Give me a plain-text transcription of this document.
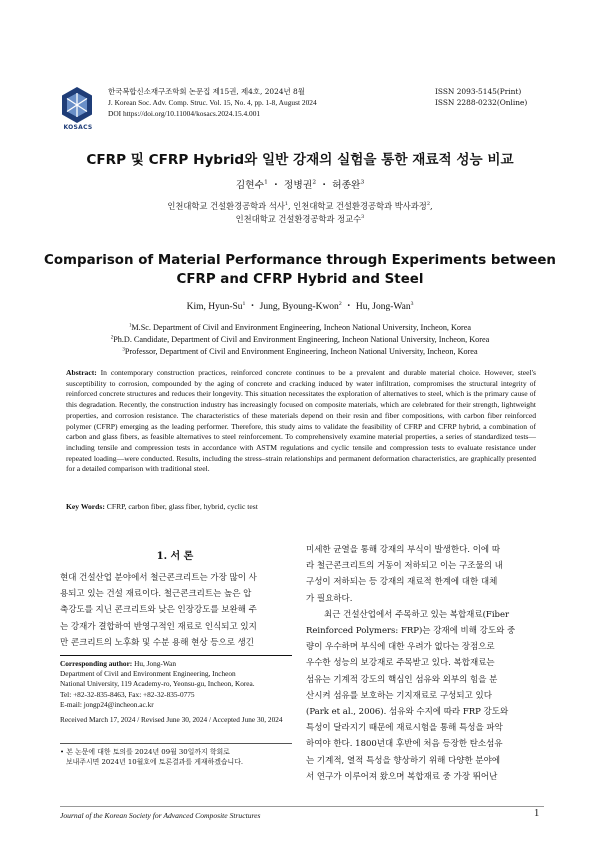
KOSACS
한국복합신소재구조학회 논문집 제15권, 제4호, 2024년 8월
J. Korean Soc. Adv. Comp. Struc. Vol. 15, No. 4, pp. 1-8, August 2024
DOI https://doi.org/10.11004/kosacs.2024.15.4.001
ISSN 2093-5145(Print)
ISSN 2288-0232(Online)
CFRP 및 CFRP Hybrid와 일반 강재의 실험을 통한 재료적 성능 비교
김현수$^1$ ・ 정병권$^2$ ・ 허종완$^3$
인천대학교 건설환경공학과 석사$^1$, 인천대학교 건설환경공학과 박사과정$^2$,
인천대학교 건설환경공학과 정교수$^3$
Comparison of Material Performance through Experiments between
CFRP and CFRP Hybrid and Steel
Kim, Hyun-Su$^1$ ・ Jung, Byoung-Kwon$^2$ ・ Hu, Jong-Wan$^3$
$^1$M.Sc. Department of Civil and Environment Engineering, Incheon National University, Incheon, Korea
$^2$Ph.D. Candidate, Department of Civil and Environment Engineering, Incheon National University, Incheon, Korea
$^3$Professor, Department of Civil and Environment Engineering, Incheon National University, Incheon, Korea
Abstract: In contemporary construction practices, reinforced concrete continues to be a prevalent and durable material choice. However, steel's susceptibility to corrosion, compounded by the aging of concrete and cracking induced by water infiltration, compromises the structural integrity of reinforced concrete structures and reduces their longevity. This situation necessitates the exploration of alternatives to steel, which is the primary cause of this degradation. Recently, the construction industry has increasingly focused on composite materials, which are celebrated for their strength, lightweight properties, and corrosion resistance. The characteristics of these materials depend on their resin and fiber compositions, with carbon fiber reinforced polymer (CFRP) emerging as the leading performer. Therefore, this study aims to validate the feasibility of CFRP and CFRP hybrid, a combination of carbon and glass fibers, as feasible alternatives to steel reinforcement. To comprehensively examine material properties, a series of standardized tests—including tensile and compression tests in accordance with ASTM regulations and cyclic tensile and compression tests to evaluate resistance under repeated loading—were conducted. Results, including the stress–strain relationships and permanent deformation characteristics, are graphically presented for a detailed comparison with traditional steel.
Key Words: CFRP, carbon fiber, glass fiber, hybrid, cyclic test
1. 서 론
현대 건설산업 분야에서 철근콘크리트는 가장 많이 사
용되고 있는 건설 재료이다. 철근콘크리트는 높은 압
축강도를 지닌 콘크리트와 낮은 인장강도를 보완해 주
는 강재가 결합하여 반영구적인 재료로 인식되고 있지
만 콘크리트의 노후화 및 수분 용해 현상 등으로 생긴
Corresponding author: Hu, Jong-Wan
Department of Civil and Environment Engineering, Incheon
National University, 119 Academy-ro, Yeonsu-gu, Incheon, Korea.
Tel: +82-32-835-8463, Fax: +82-32-835-0775
E-mail: jongp24@incheon.ac.kr
Received March 17, 2024 / Revised June 30, 2024 / Accepted June 30, 2024
• 본 논문에 대한 토의를 2024년 09월 30일까지 학회로
보내주시면 2024년 10월호에 토론결과를 게재하겠습니다.
미세한 균열을 통해 강재의 부식이 발생한다. 이에 따
라 철근콘크리트의 거동이 저하되고 이는 구조물의 내
구성이 저하되는 등 강재의 재료적 한계에 대한 대체
가 필요하다.
최근 건설산업에서 주목하고 있는 복합재료(Fiber
Reinforced Polymers: FRP)는 강재에 비해 강도와 중
량이 우수하며 부식에 대한 우려가 없다는 장점으로
우수한 성능의 보강재로 주목받고 있다. 복합재료는
섬유는 기계적 강도의 핵심인 섬유와 외부의 힘을 분
산시켜 섬유를 보호하는 기지재료로 구성되고 있다
(Park et al., 2006). 섬유와 수지에 따라 FRP 강도와
특성이 달라지기 때문에 재료시험을 통해 특성을 파악
하여야 한다. 1800년대 후반에 처음 등장한 탄소섬유
는 기계적, 열적 특성을 향상하기 위해 다양한 분야에
서 연구가 이루어져 왔으며 복합재료 중 가장 뛰어난
Journal of the Korean Society for Advanced Composite Structures	1
